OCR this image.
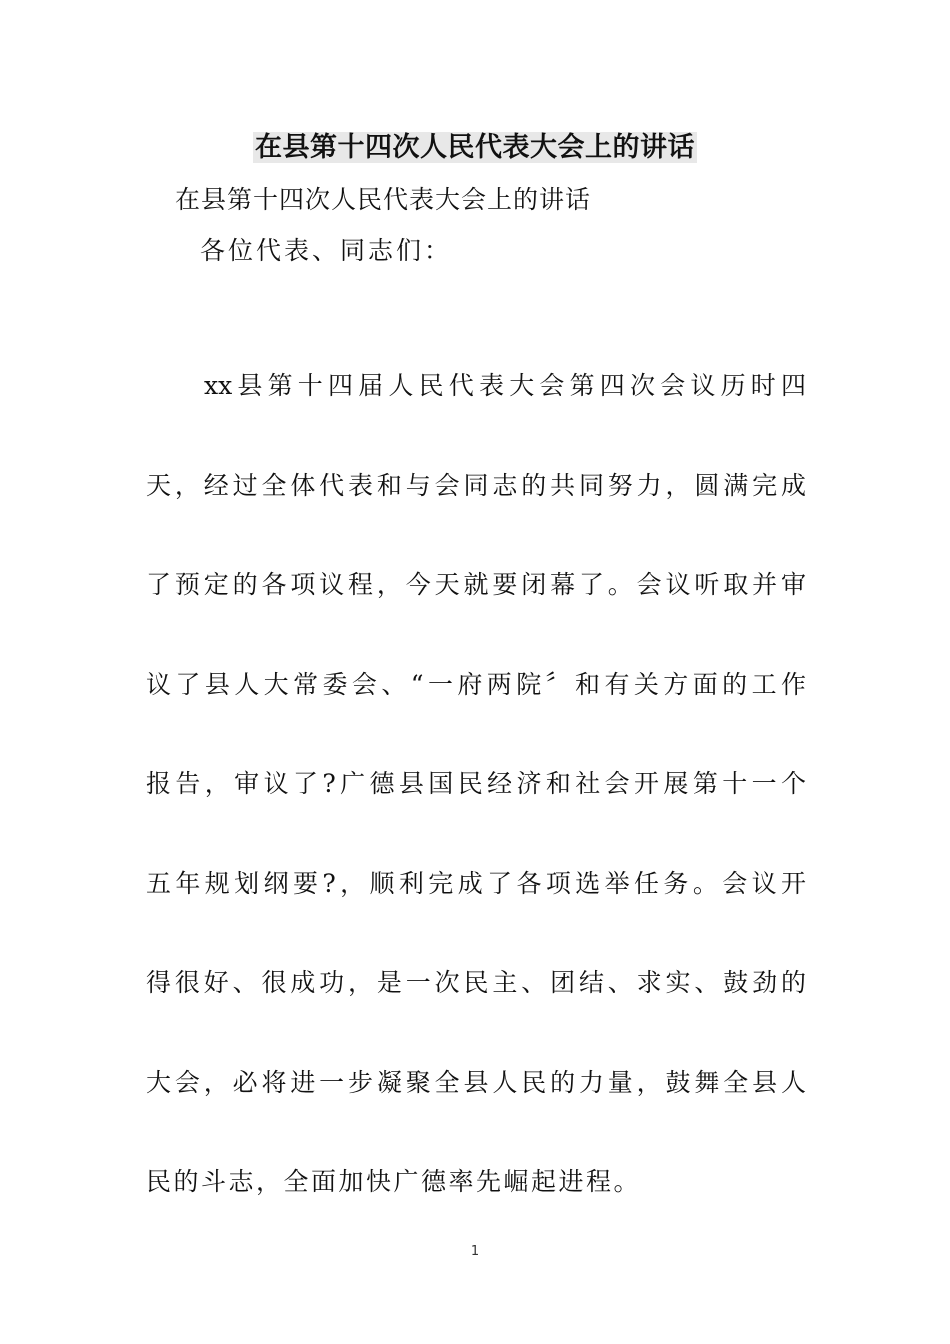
在县第十四次人民代表大会上的讲话
在县第十四次人民代表大会上的讲话
各位代表、同志们：
xx县第十四届人民代表大会第四次会议历时四
天，经过全体代表和与会同志的共同努力，圆满完成
了预定的各项议程，今天就要闭幕了。会议听取并审
议了县人大常委会、“一府两院〞和有关方面的工作
报告，审议了?广德县国民经济和社会开展第十一个
五年规划纲要?，顺利完成了各项选举任务。会议开
得很好、很成功，是一次民主、团结、求实、鼓劲的
大会，必将进一步凝聚全县人民的力量，鼓舞全县人
民的斗志，全面加快广德率先崛起进程。
1
